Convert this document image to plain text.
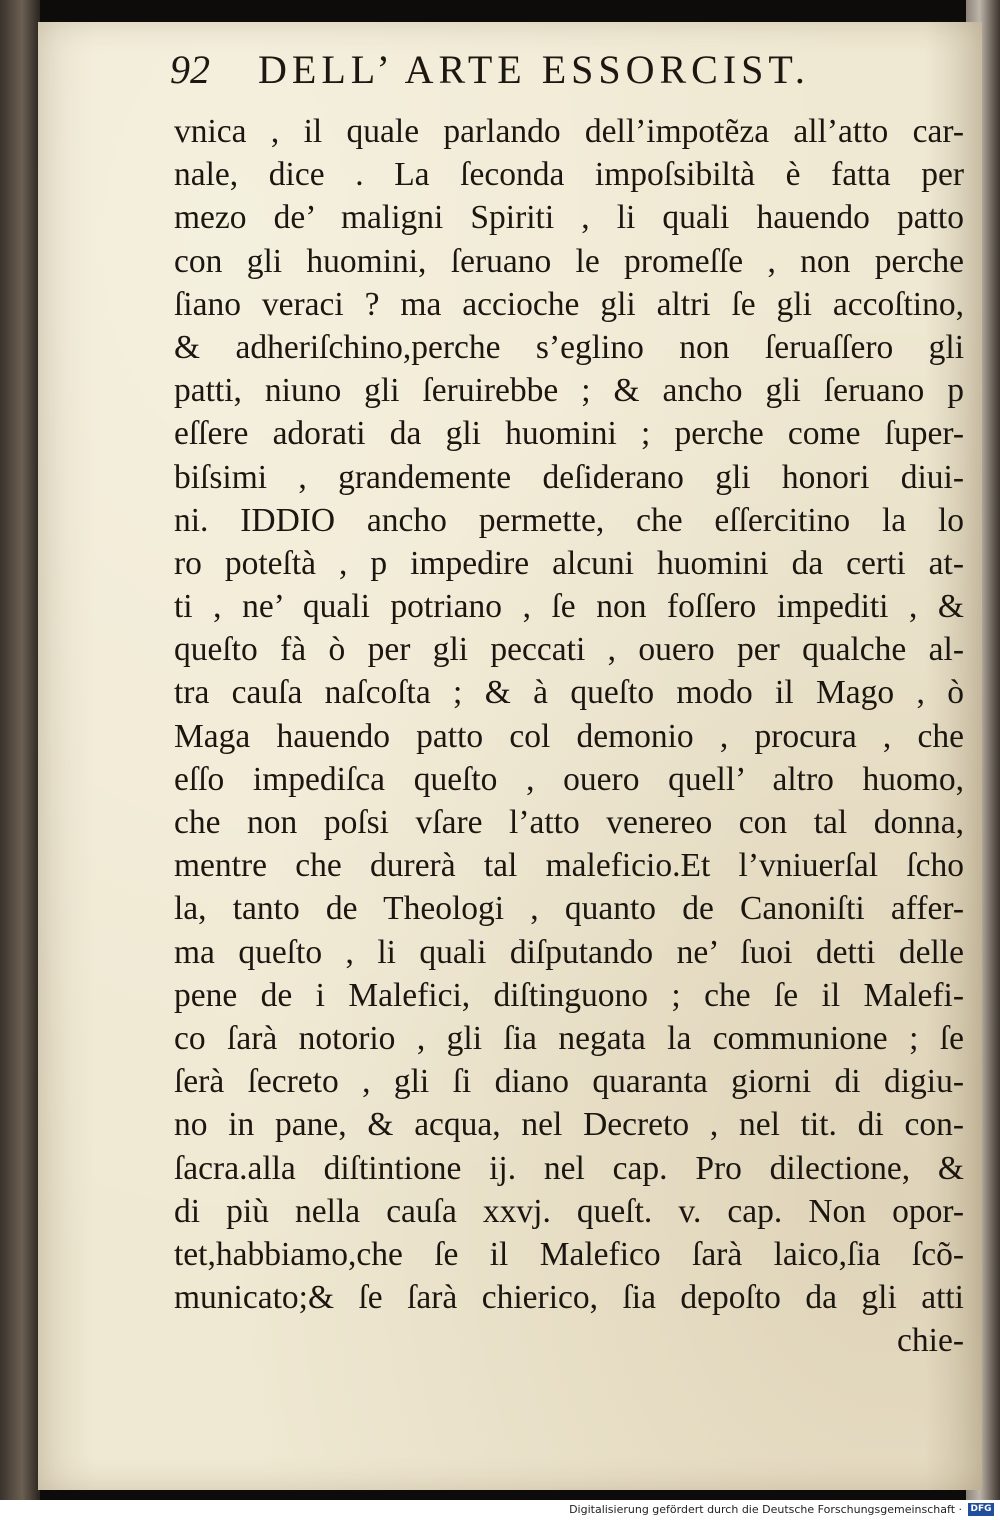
92 DELL’ ARTE ESSORCIST.
vnica , il quale parlando dell’impotẽza all’atto car-
nale, dice . La ſeconda impoſsibiltà è fatta per
mezo de’ maligni Spiriti , li quali hauendo patto
con gli huomini, ſeruano le promeſſe , non perche
ſiano veraci ? ma accioche gli altri ſe gli accoſtino,
& adheriſchino,perche s’eglino non ſeruaſſero gli
patti, niuno gli ſeruirebbe ; & ancho gli ſeruano p
eſſere adorati da gli huomini ; perche come ſuper-
biſsimi , grandemente deſiderano gli honori diui-
ni. IDDIO ancho permette, che eſſercitino la lo
ro poteſtà , p impedire alcuni huomini da certi at-
ti , ne’ quali potriano , ſe non foſſero impediti , &
queſto fà ò per gli peccati , ouero per qualche al-
tra cauſa naſcoſta ; & à queſto modo il Mago , ò
Maga hauendo patto col demonio , procura , che
eſſo impediſca queſto , ouero quell’ altro huomo,
che non poſsi vſare l’atto venereo con tal donna,
mentre che durerà tal maleficio.Et l’vniuerſal ſcho
la, tanto de Theologi , quanto de Canoniſti affer-
ma queſto , li quali diſputando ne’ ſuoi detti delle
pene de i Malefici, diſtinguono ; che ſe il Malefi-
co ſarà notorio , gli ſia negata la communione ; ſe
ſerà ſecreto , gli ſi diano quaranta giorni di digiu-
no in pane, & acqua, nel Decreto , nel tit. di con-
ſacra.alla diſtintione ij. nel cap. Pro dilectione, &
di più nella cauſa xxvj. queſt. v. cap. Non opor-
tet,habbiamo,che ſe il Malefico ſarà laico,ſia ſcõ-
municato;& ſe ſarà chierico, ſia depoſto da gli atti
chie-
Digitalisierung gefördert durch die Deutsche Forschungsgemeinschaft · DFG
